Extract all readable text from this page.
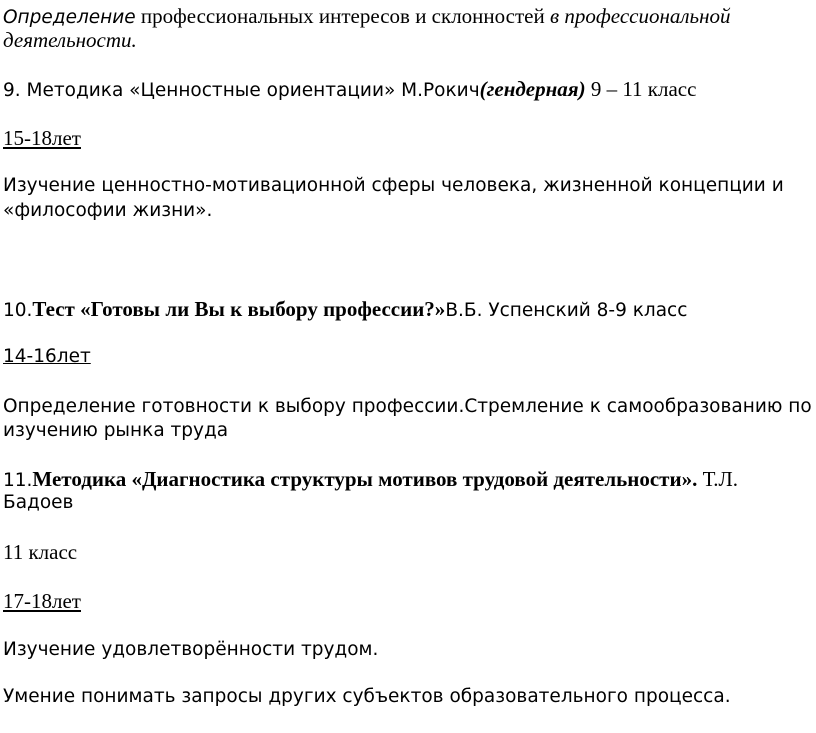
Определение профессиональных интересов и склонностей в профессиональной
деятельности.
9. Методика «Ценностные ориентации» М.Рокич(гендерная) 9 – 11 класс
15-18лет
Изучение ценностно-мотивационной сферы человека, жизненной концепции и
«философии жизни».
10.Тест «Готовы ли Вы к выбору профессии?»В.Б. Успенский 8-9 класс
14-16лет
Определение готовности к выбору профессии.Стремление к самообразованию по
изучению рынка труда
11.Методика «Диагностика структуры мотивов трудовой деятельности». Т.Л.
Бадоев
11 класс
17-18лет
Изучение удовлетворённости трудом.
Умение понимать запросы других субъектов образовательного процесса.
